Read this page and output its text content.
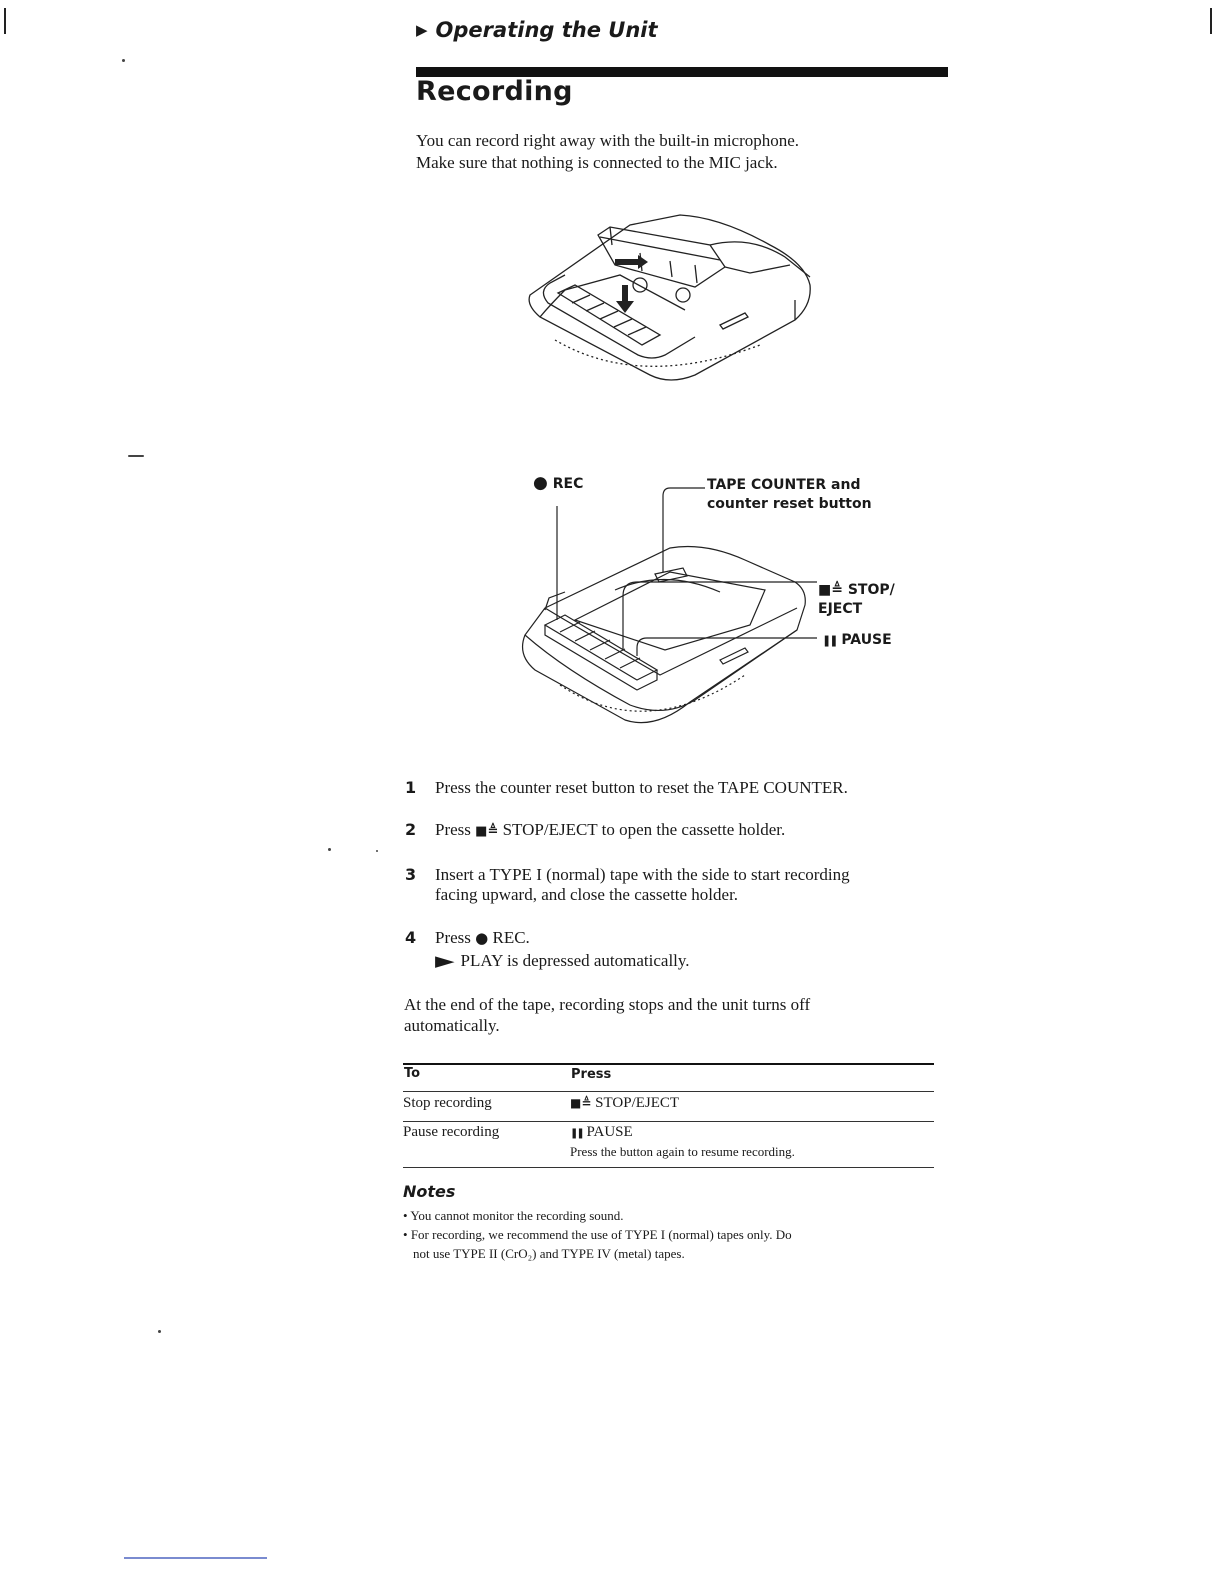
▶ Operating the Unit
Recording
You can record right away with the built-in microphone.
Make sure that nothing is connected to the MIC jack.
● REC	TAPE COUNTER and
counter reset button
■≜ STOP/
EJECT
❚❚ PAUSE
1 Press the counter reset button to reset the TAPE COUNTER.
2 Press ■≜ STOP/EJECT to open the cassette holder.
3 Insert a TYPE I (normal) tape with the side to start recording
facing upward, and close the cassette holder.
4 Press ● REC.
▶ PLAY is depressed automatically.
At the end of the tape, recording stops and the unit turns off
automatically.
To	Press
Stop recording	■≜ STOP/EJECT
Pause recording	❚❚ PAUSE
Press the button again to resume recording.
Notes
• You cannot monitor the recording sound.
• For recording, we recommend the use of TYPE I (normal) tapes only. Do
not use TYPE II (CrO₂) and TYPE IV (metal) tapes.
